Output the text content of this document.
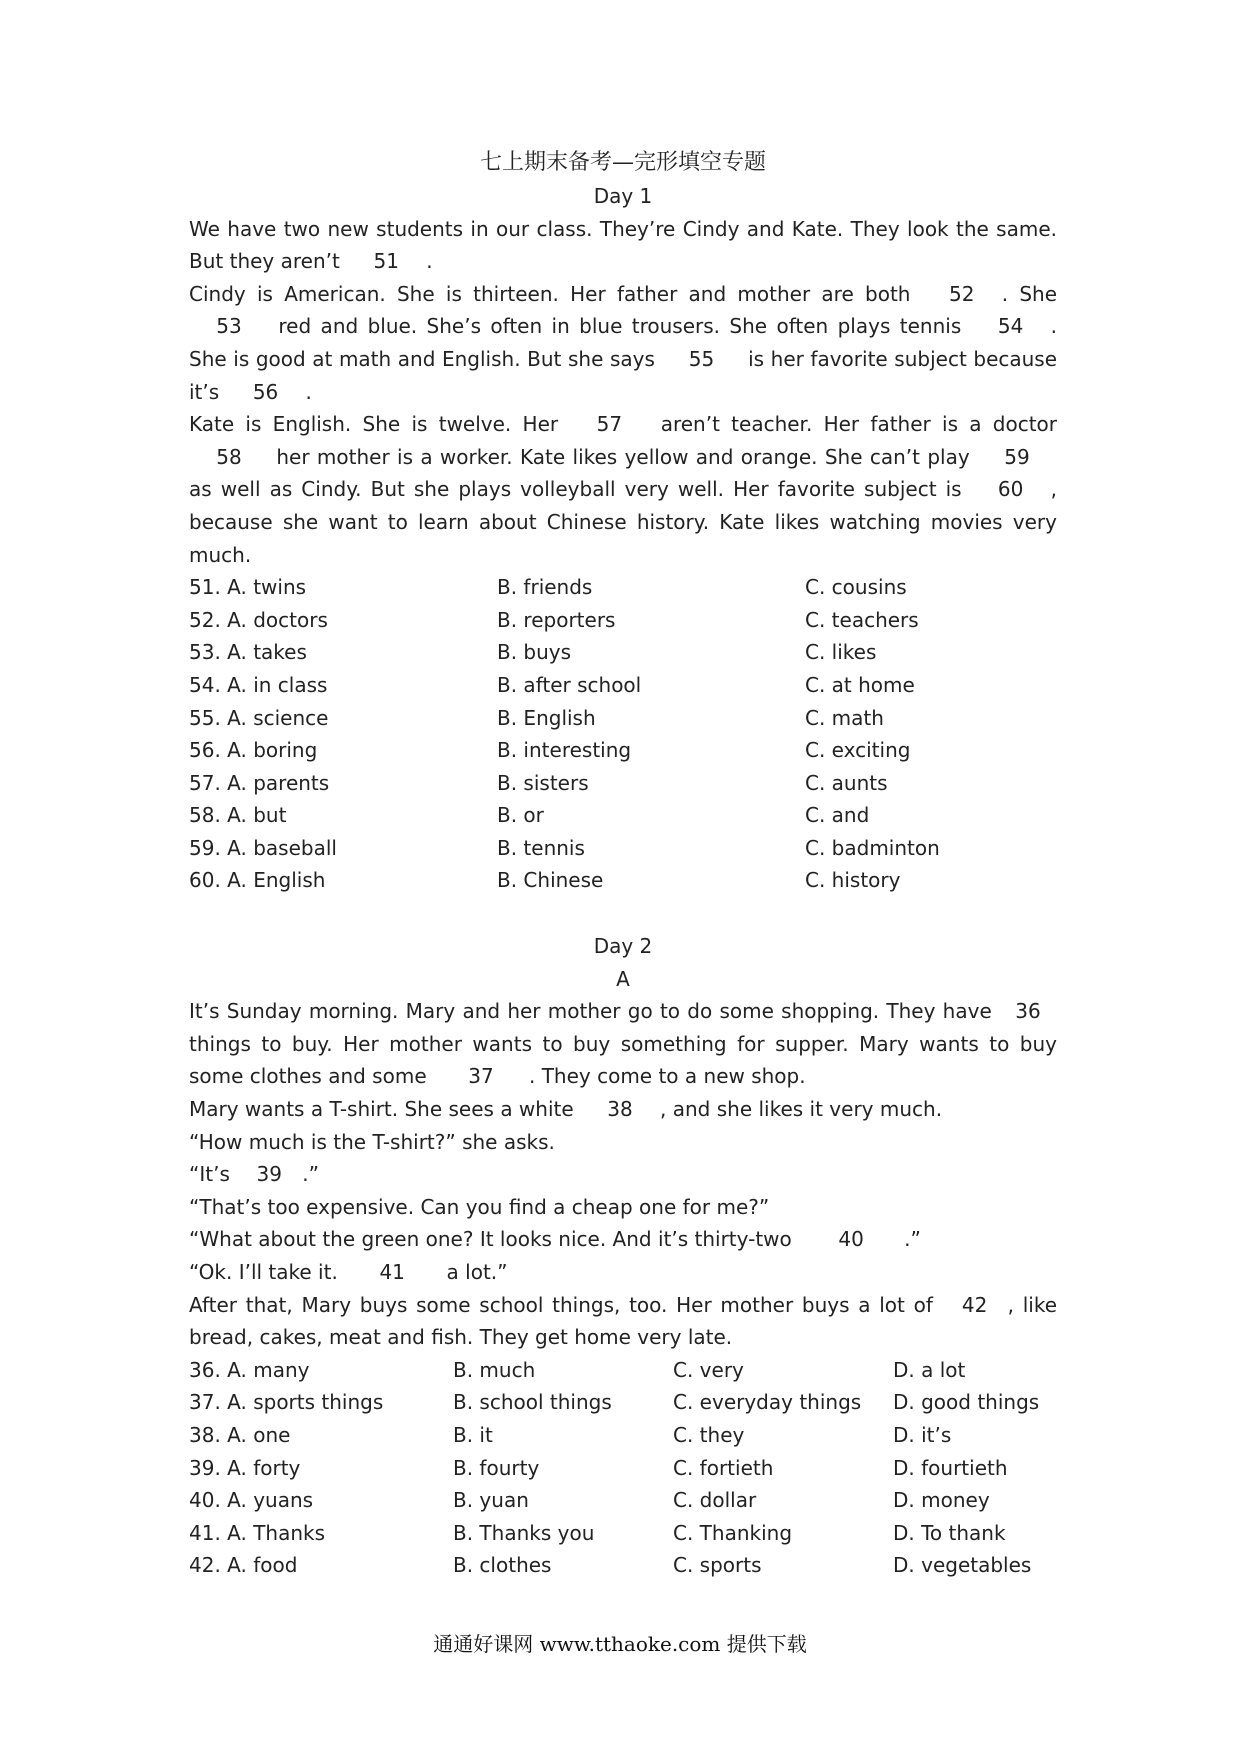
七上期末备考—完形填空专题
Day 1
We have two new students in our class. They’re Cindy and Kate. They look the same. But they aren’t 51 .
Cindy is American. She is thirteen. Her father and mother are both 52 . She 53 red and blue. She’s often in blue trousers. She often plays tennis 54 . She is good at math and English. But she says 55 is her favorite subject because it’s 56 .
Kate is English. She is twelve. Her 57 aren’t teacher. Her father is a doctor 58 her mother is a worker. Kate likes yellow and orange. She can’t play 59 as well as Cindy. But she plays volleyball very well. Her favorite subject is 60 , because she want to learn about Chinese history. Kate likes watching movies very much.
51. A. twins	B. friends	C. cousins
52. A. doctors	B. reporters	C. teachers
53. A. takes	B. buys	C. likes
54. A. in class	B. after school	C. at home
55. A. science	B. English	C. math
56. A. boring	B. interesting	C. exciting
57. A. parents	B. sisters	C. aunts
58. A. but	B. or	C. and
59. A. baseball	B. tennis	C. badminton
60. A. English	B. Chinese	C. history
Day 2
A
It’s Sunday morning. Mary and her mother go to do some shopping. They have 36 things to buy. Her mother wants to buy something for supper. Mary wants to buy some clothes and some 37 . They come to a new shop.
Mary wants a T-shirt. She sees a white 38 , and she likes it very much.
“How much is the T-shirt?” she asks.
“It’s 39 .”
“That’s too expensive. Can you find a cheap one for me?”
“What about the green one? It looks nice. And it’s thirty-two 40 .”
“Ok. I’ll take it. 41 a lot.”
After that, Mary buys some school things, too. Her mother buys a lot of 42 , like bread, cakes, meat and fish. They get home very late.
36. A. many	B. much	C. very	D. a lot
37. A. sports things	B. school things	C. everyday things D. good things
38. A. one	B. it	C. they	D. it’s
39. A. forty	B. fourty	C. fortieth	D. fourtieth
40. A. yuans	B. yuan	C. dollar	D. money
41. A. Thanks	B. Thanks you	C. Thanking	D. To thank
42. A. food	B. clothes	C. sports	D. vegetables
通通好课网 www.tthaoke.com 提供下载
